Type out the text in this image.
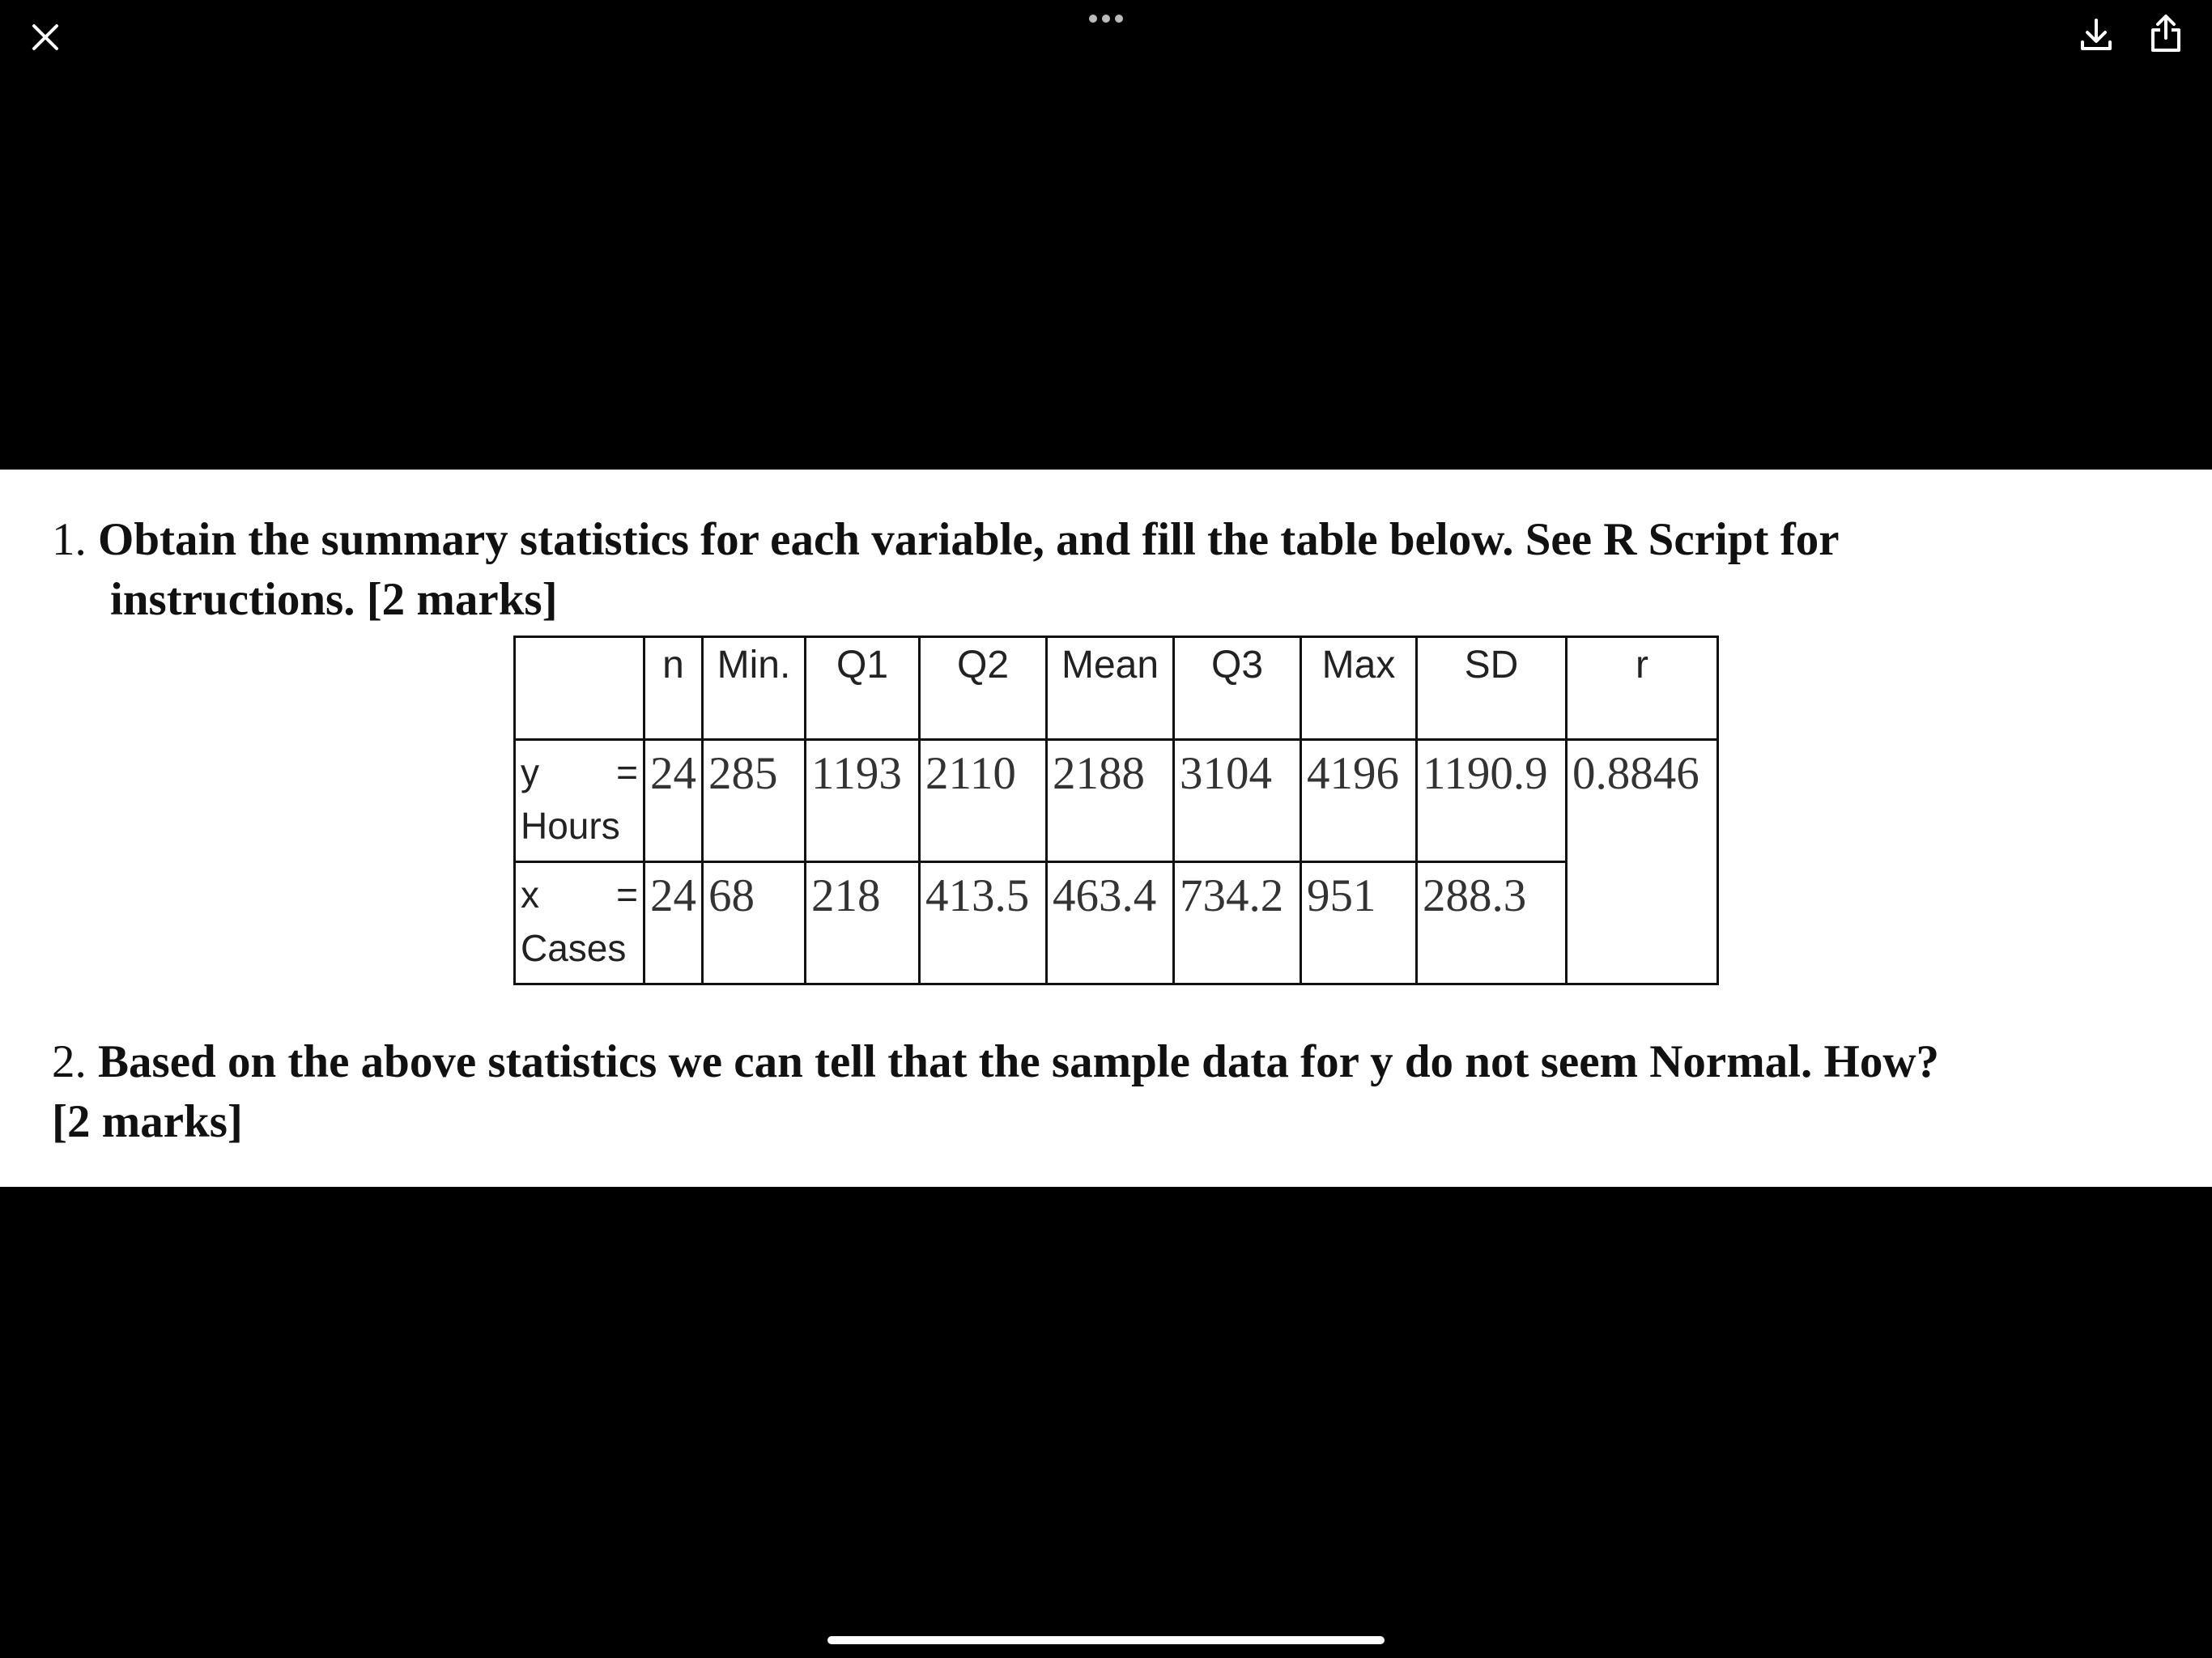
1. Obtain the summary statistics for each variable, and fill the table below. See R Script for
instructions. [2 marks]
	n	Min.	Q1	Q2	Mean	Q3	Max	SD	r

y =
Hours	24	285	1193	2110	2188	3104	4196	1190.9	0.8846

x =
Cases	24	68	218	413.5	463.4	734.2	951	288.3	
2. Based on the above statistics we can tell that the sample data for y do not seem Normal. How?
[2 marks]
